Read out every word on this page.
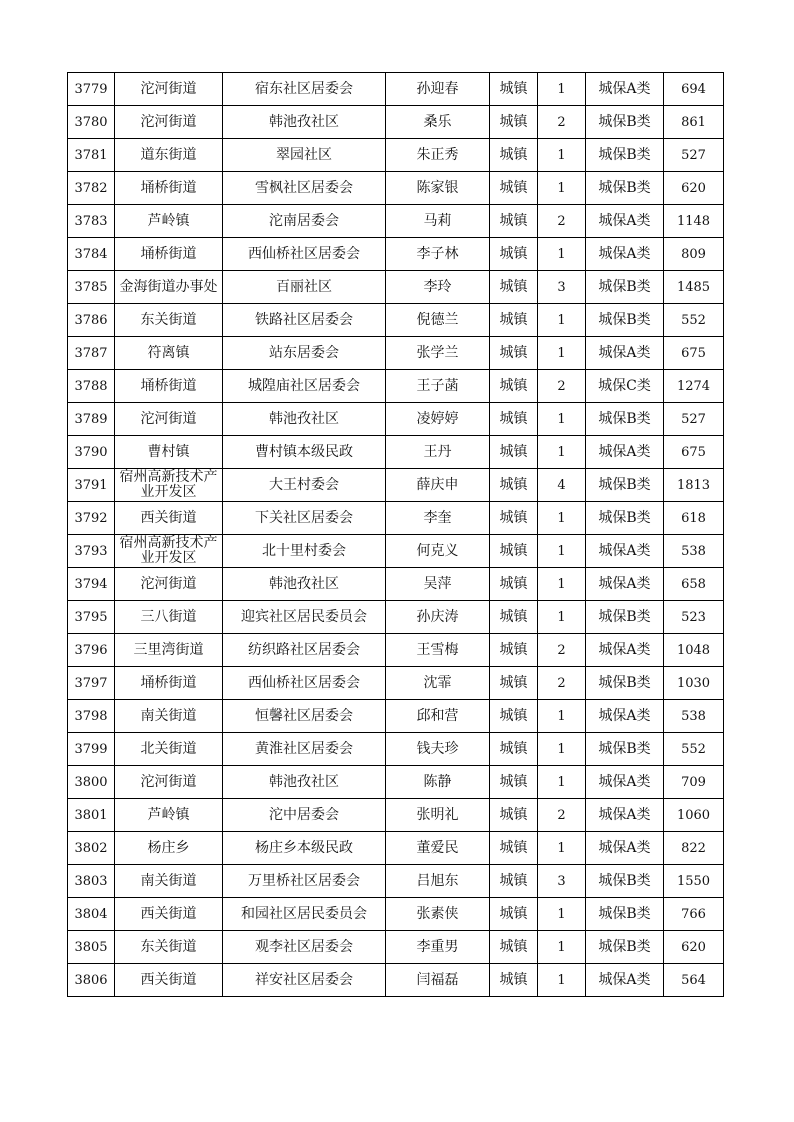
3779	沱河街道	宿东社区居委会	孙迎春	城镇	1	城保A类	694
3780	沱河街道	韩池孜社区	桑乐	城镇	2	城保B类	861
3781	道东街道	翠园社区	朱正秀	城镇	1	城保B类	527
3782	埇桥街道	雪枫社区居委会	陈家银	城镇	1	城保B类	620
3783	芦岭镇	沱南居委会	马莉	城镇	2	城保A类	1148
3784	埇桥街道	西仙桥社区居委会	李子林	城镇	1	城保A类	809
3785	金海街道办事处	百丽社区	李玲	城镇	3	城保B类	1485
3786	东关街道	铁路社区居委会	倪德兰	城镇	1	城保B类	552
3787	符离镇	站东居委会	张学兰	城镇	1	城保A类	675
3788	埇桥街道	城隍庙社区居委会	王子菡	城镇	2	城保C类	1274
3789	沱河街道	韩池孜社区	凌婷婷	城镇	1	城保B类	527
3790	曹村镇	曹村镇本级民政	王丹	城镇	1	城保A类	675
3791	宿州高新技术产业开发区	大王村委会	薛庆申	城镇	4	城保B类	1813
3792	西关街道	下关社区居委会	李奎	城镇	1	城保B类	618
3793	宿州高新技术产业开发区	北十里村委会	何克义	城镇	1	城保A类	538
3794	沱河街道	韩池孜社区	吴萍	城镇	1	城保A类	658
3795	三八街道	迎宾社区居民委员会	孙庆涛	城镇	1	城保B类	523
3796	三里湾街道	纺织路社区居委会	王雪梅	城镇	2	城保A类	1048
3797	埇桥街道	西仙桥社区居委会	沈霏	城镇	2	城保B类	1030
3798	南关街道	恒馨社区居委会	邱和营	城镇	1	城保A类	538
3799	北关街道	黄淮社区居委会	钱夫珍	城镇	1	城保B类	552
3800	沱河街道	韩池孜社区	陈静	城镇	1	城保A类	709
3801	芦岭镇	沱中居委会	张明礼	城镇	2	城保A类	1060
3802	杨庄乡	杨庄乡本级民政	董爱民	城镇	1	城保A类	822
3803	南关街道	万里桥社区居委会	吕旭东	城镇	3	城保B类	1550
3804	西关街道	和园社区居民委员会	张素侠	城镇	1	城保B类	766
3805	东关街道	观李社区居委会	李重男	城镇	1	城保B类	620
3806	西关街道	祥安社区居委会	闫福磊	城镇	1	城保A类	564
